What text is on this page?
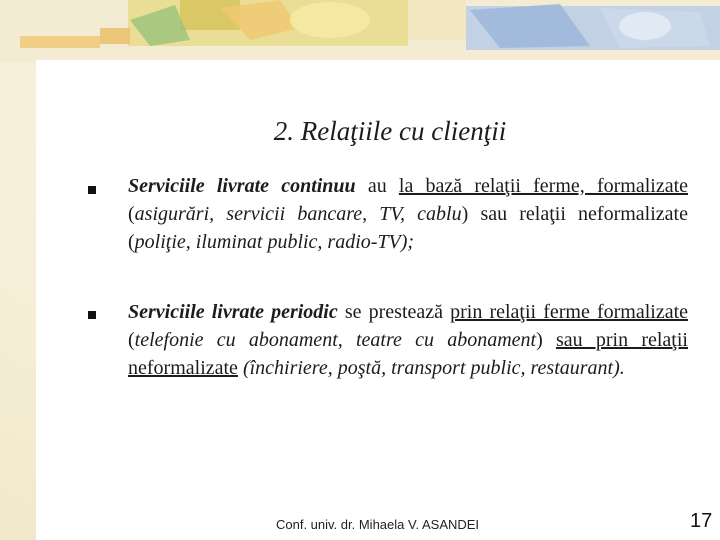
2. Relaţiile cu clienţii
Serviciile livrate continuu au la bază relaţii ferme, formalizate (asigurări, servicii bancare, TV, cablu) sau relaţii neformalizate (poliţie, iluminat public, radio-TV);
Serviciile livrate periodic se prestează prin relaţii ferme formalizate (telefonie cu abonament, teatre cu abonament) sau prin relaţii neformalizate (închiriere, poştă, transport public, restaurant).
Conf. univ. dr. Mihaela V. ASANDEI	17
